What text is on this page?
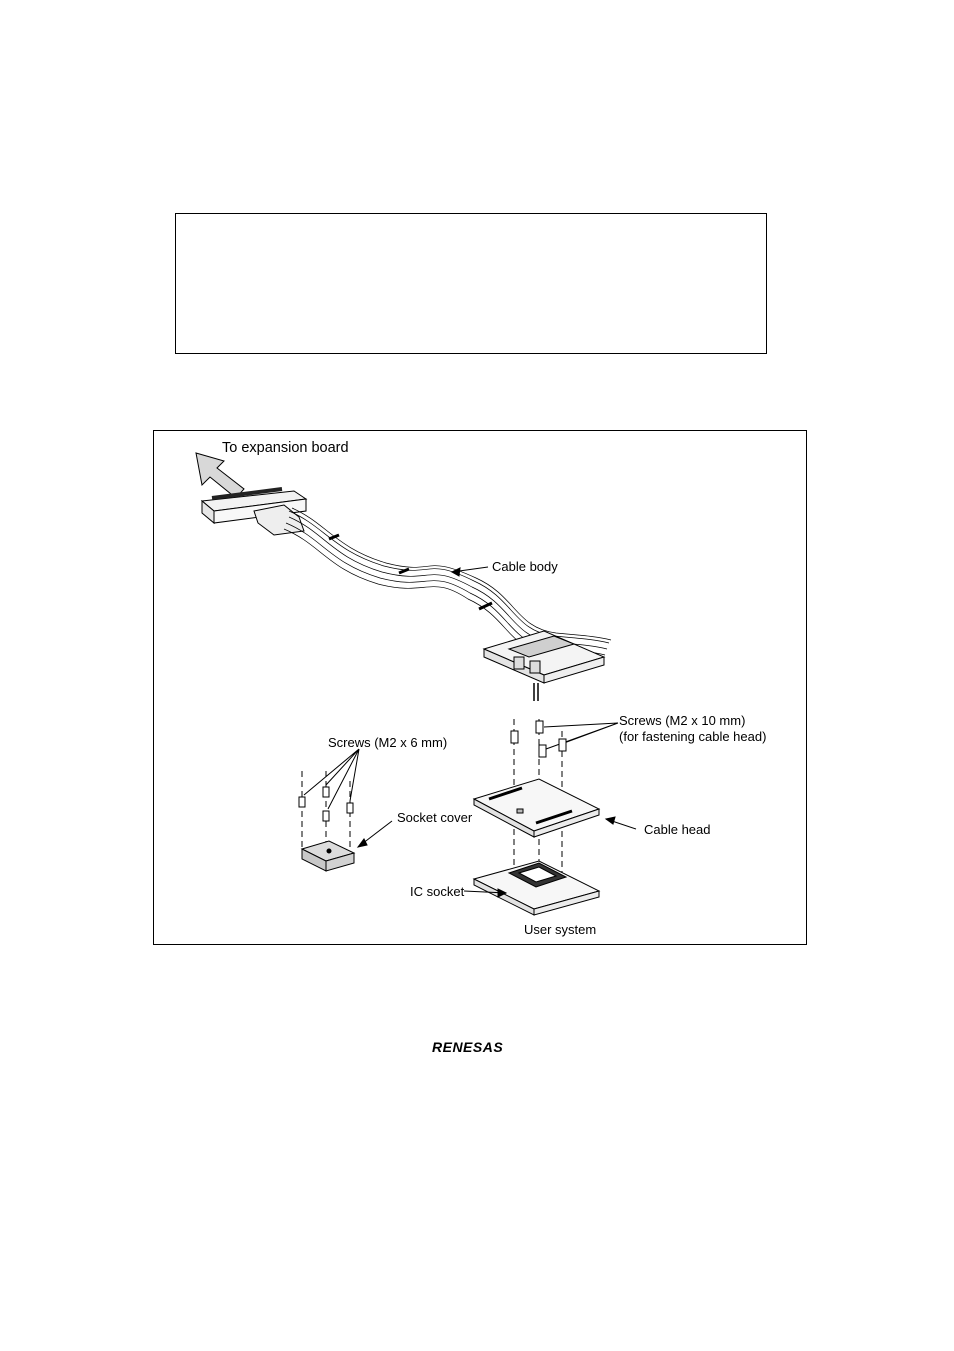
To expansion board
Cable body
Screws (M2 x 10 mm)
(for fastening cable head)
Screws (M2 x 6 mm)
Socket cover
Cable head
IC socket
User system
RENESAS
